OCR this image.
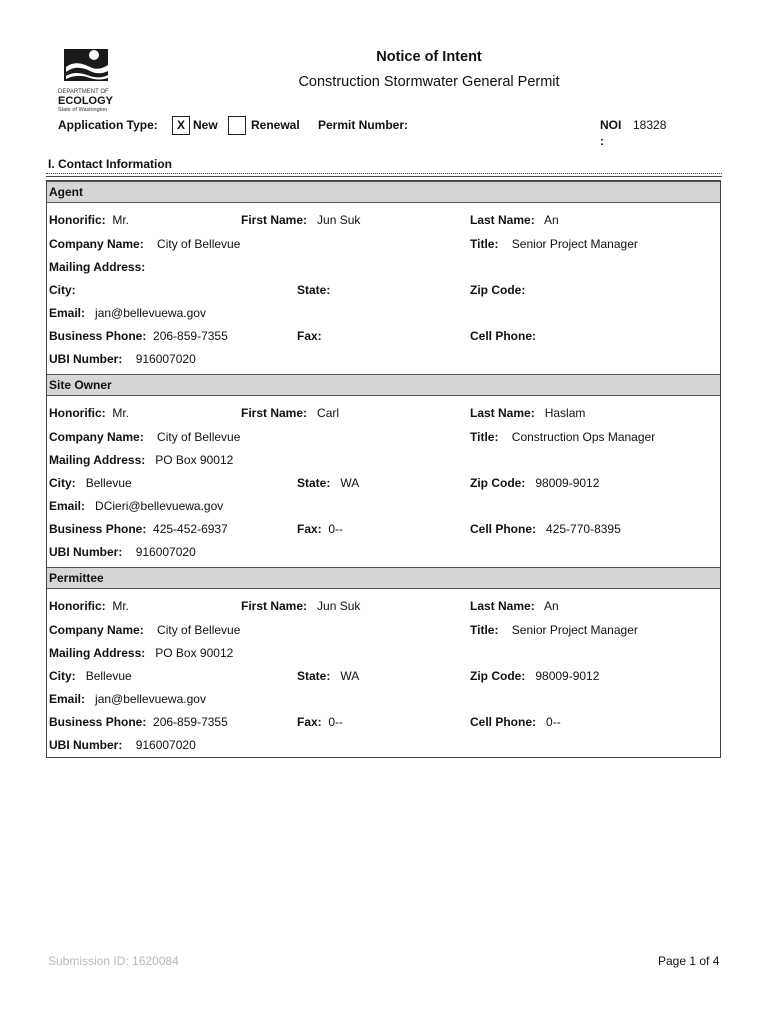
DEPARTMENT OF
ECOLOGY
State of Washington
Notice of Intent
Construction Stormwater General Permit
Application Type:	X New	Renewal Permit Number:	NOI
:
18328
I. Contact Information
Agent
Honorific: Mr.	First Name: Jun Suk	Last Name: An
Company Name: City of Bellevue	Title: Senior Project Manager
Mailing Address:
City:	State:	Zip Code:
Email: jan@bellevuewa.gov
Business Phone: 206-859-7355	Fax:	Cell Phone:
UBI Number: 916007020
Site Owner
Honorific: Mr.	First Name: Carl	Last Name: Haslam
Company Name: City of Bellevue	Title: Construction Ops Manager
Mailing Address: PO Box 90012
City: Bellevue	State: WA	Zip Code: 98009-9012
Email: DCieri@bellevuewa.gov
Business Phone: 425-452-6937	Fax: 0--	Cell Phone: 425-770-8395
UBI Number: 916007020
Permittee
Honorific: Mr.	First Name: Jun Suk	Last Name: An
Company Name: City of Bellevue	Title: Senior Project Manager
Mailing Address: PO Box 90012
City: Bellevue	State: WA	Zip Code: 98009-9012
Email: jan@bellevuewa.gov
Business Phone: 206-859-7355	Fax: 0--	Cell Phone: 0--
UBI Number: 916007020
Submission ID: 1620084	Page 1 of 4
